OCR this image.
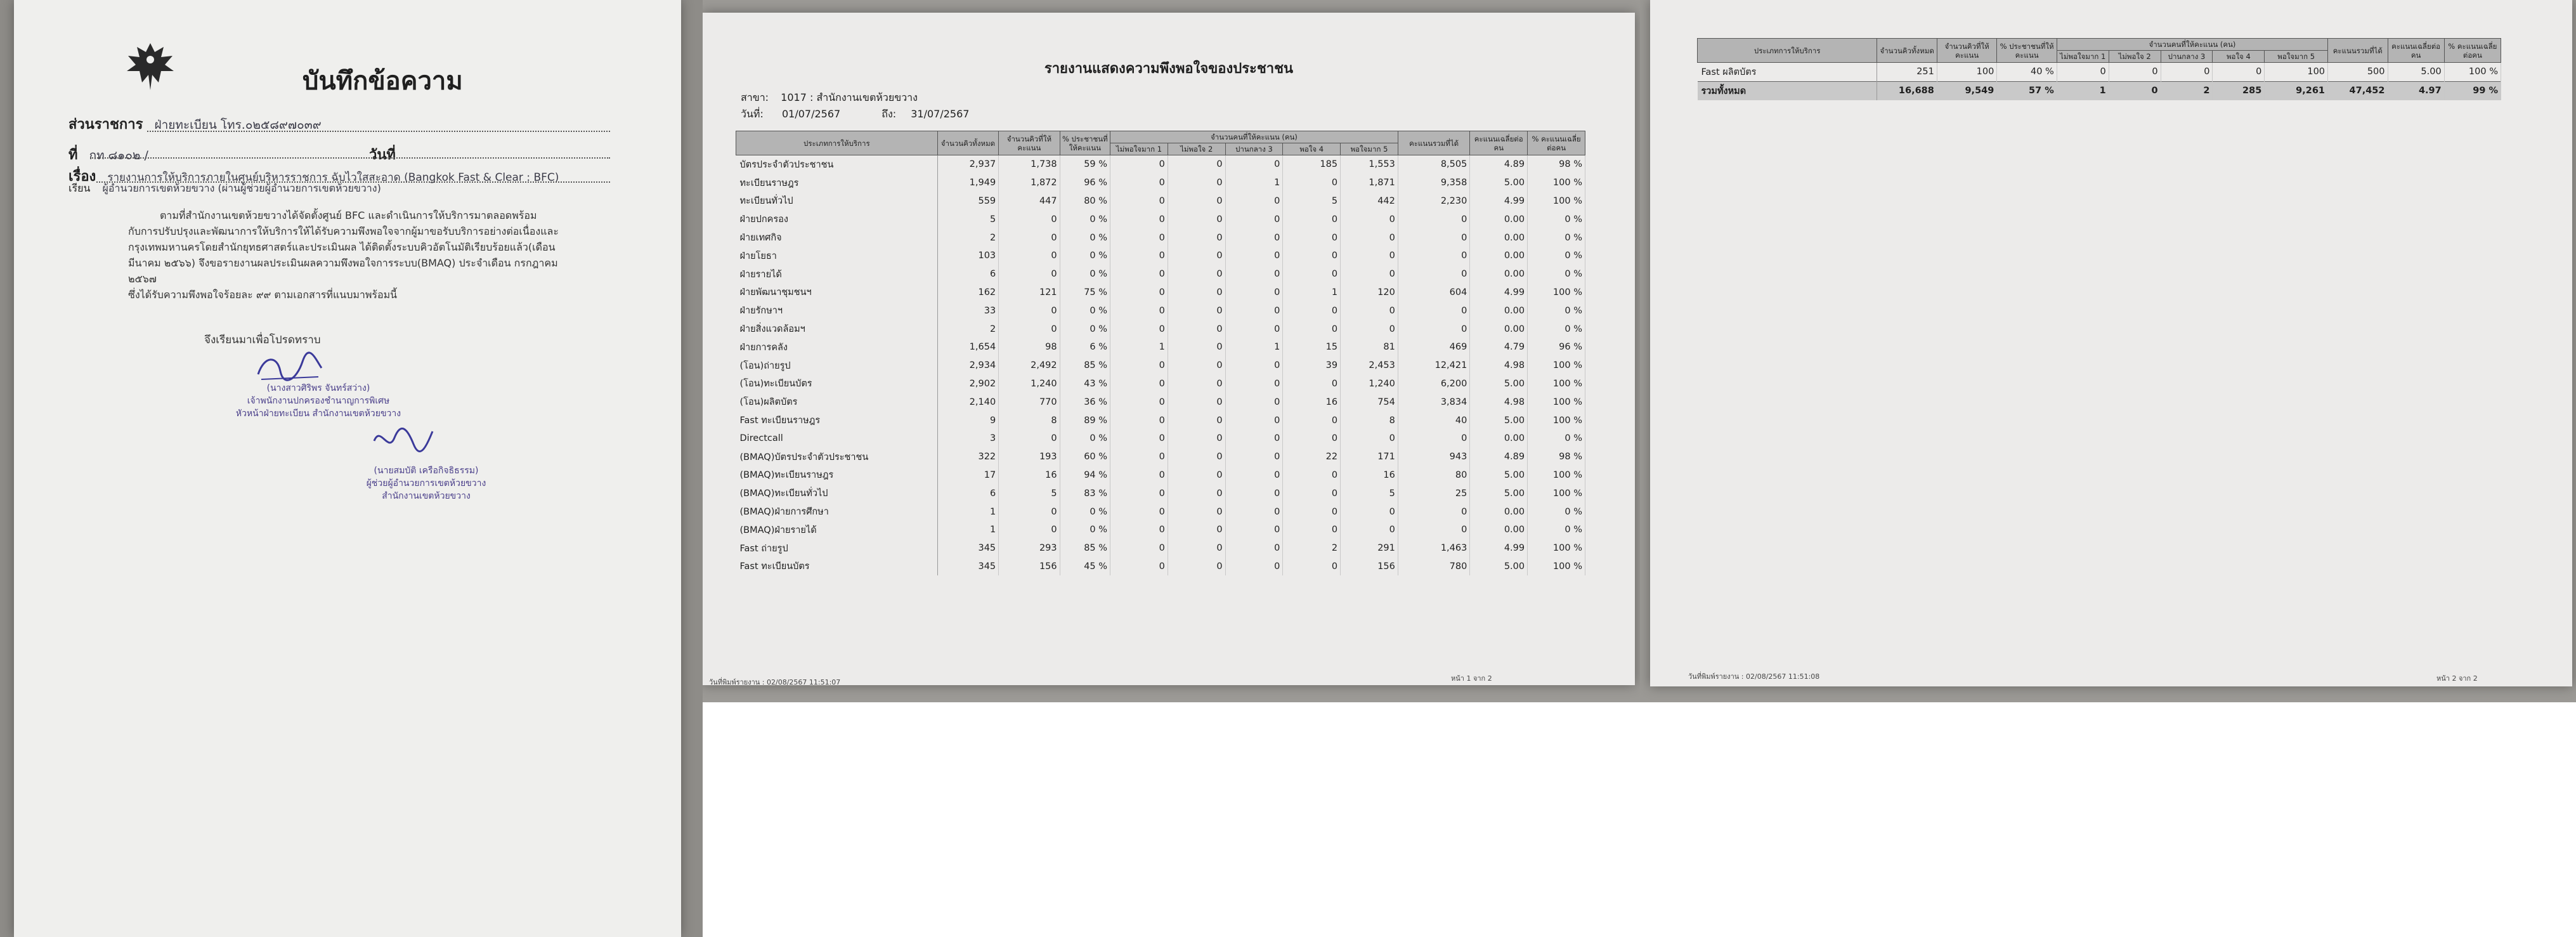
บันทึกข้อความ
ส่วนราชการ ฝ่ายทะเบียน โทร.๐๒๕๘๙๗๐๓๙
ที่ กท ๘๑๐๒ /	วันที่
เรื่อง รายงานการให้บริการภายในศูนย์บริหารราชการ ฉับไวใสสะอาด (Bangkok Fast & Clear : BFC)
เรียน ผู้อำนวยการเขตห้วยขวาง (ผ่านผู้ช่วยผู้อำนวยการเขตห้วยขวาง)

ตามที่สำนักงานเขตห้วยขวางได้จัดตั้งศูนย์ BFC และดำเนินการให้บริการมาตลอดพร้อม

กับการปรับปรุงและพัฒนาการให้บริการให้ได้รับความพึงพอใจจากผู้มาขอรับบริการอย่างต่อเนื่องและ

กรุงเทพมหานครโดยสำนักยุทธศาสตร์และประเมินผล ได้ติดตั้งระบบคิวอัตโนมัติเรียบร้อยแล้ว(เดือน

มีนาคม ๒๕๖๖) จึงขอรายงานผลประเมินผลความพึงพอใจการระบบ(BMAQ) ประจำเดือน กรกฎาคม ๒๕๖๗

ซึ่งได้รับความพึงพอใจร้อยละ ๙๙ ตามเอกสารที่แนบมาพร้อมนี้

จึงเรียนมาเพื่อโปรดทราบ
(นางสาวศิริพร จันทร์สว่าง)
เจ้าพนักงานปกครองชำนาญการพิเศษ
หัวหน้าฝ่ายทะเบียน สำนักงานเขตห้วยขวาง
(นายสมบัติ เครือกิจธิธรรม)
ผู้ช่วยผู้อำนวยการเขตห้วยขวาง
สำนักงานเขตห้วยขวาง
รายงานแสดงความพึงพอใจของประชาชน
สาขา: 1017 : สำนักงานเขตห้วยขวาง
วันที่: 01/07/2567	ถึง: 31/07/2567
ประเภทการให้บริการ	จำนวนคิวทั้งหมด	จำนวนคิวที่ให้คะแนน	% ประชาชนที่ให้คะแนน	จำนวนคนที่ให้คะแนน (คน)					คะแนนรวมที่ได้	คะแนนเฉลี่ยต่อคน	% คะแนนเฉลี่ยต่อคน
				ไม่พอใจมาก 1	ไม่พอใจ 2	ปานกลาง 3	พอใจ 4	พอใจมาก 5			
บัตรประจำตัวประชาชน	2,937	1,738	59 %	0	0	0	185	1,553	8,505	4.89	98 %
ทะเบียนราษฎร	1,949	1,872	96 %	0	0	1	0	1,871	9,358	5.00	100 %
ทะเบียนทั่วไป	559	447	80 %	0	0	0	5	442	2,230	4.99	100 %
ฝ่ายปกครอง	5	0	0 %	0	0	0	0	0	0	0.00	0 %
ฝ่ายเทศกิจ	2	0	0 %	0	0	0	0	0	0	0.00	0 %
ฝ่ายโยธา	103	0	0 %	0	0	0	0	0	0	0.00	0 %
ฝ่ายรายได้	6	0	0 %	0	0	0	0	0	0	0.00	0 %
ฝ่ายพัฒนาชุมชนฯ	162	121	75 %	0	0	0	1	120	604	4.99	100 %
ฝ่ายรักษาฯ	33	0	0 %	0	0	0	0	0	0	0.00	0 %
ฝ่ายสิ่งแวดล้อมฯ	2	0	0 %	0	0	0	0	0	0	0.00	0 %
ฝ่ายการคลัง	1,654	98	6 %	1	0	1	15	81	469	4.79	96 %
(โอน)ถ่ายรูป	2,934	2,492	85 %	0	0	0	39	2,453	12,421	4.98	100 %
(โอน)ทะเบียนบัตร	2,902	1,240	43 %	0	0	0	0	1,240	6,200	5.00	100 %
(โอน)ผลิตบัตร	2,140	770	36 %	0	0	0	16	754	3,834	4.98	100 %
Fast ทะเบียนราษฎร	9	8	89 %	0	0	0	0	8	40	5.00	100 %
Directcall	3	0	0 %	0	0	0	0	0	0	0.00	0 %
(BMAQ)บัตรประจำตัวประชาชน	322	193	60 %	0	0	0	22	171	943	4.89	98 %
(BMAQ)ทะเบียนราษฎร	17	16	94 %	0	0	0	0	16	80	5.00	100 %
(BMAQ)ทะเบียนทั่วไป	6	5	83 %	0	0	0	0	5	25	5.00	100 %
(BMAQ)ฝ่ายการศึกษา	1	0	0 %	0	0	0	0	0	0	0.00	0 %
(BMAQ)ฝ่ายรายได้	1	0	0 %	0	0	0	0	0	0	0.00	0 %
Fast ถ่ายรูป	345	293	85 %	0	0	0	2	291	1,463	4.99	100 %
Fast ทะเบียนบัตร	345	156	45 %	0	0	0	0	156	780	5.00	100 %
วันที่พิมพ์รายงาน : 02/08/2567 11:51:07	หน้า 1 จาก 2
ประเภทการให้บริการ	จำนวนคิวทั้งหมด	จำนวนคิวที่ให้คะแนน	% ประชาชนที่ให้คะแนน	จำนวนคนที่ให้คะแนน (คน)					คะแนนรวมที่ได้	คะแนนเฉลี่ยต่อคน	% คะแนนเฉลี่ยต่อคน
				ไม่พอใจมาก 1	ไม่พอใจ 2	ปานกลาง 3	พอใจ 4	พอใจมาก 5			
Fast ผลิตบัตร	251	100	40 %	0	0	0	0	100	500	5.00	100 %
รวมทั้งหมด	16,688	9,549	57 %	1	0	2	285	9,261	47,452	4.97	99 %
วันที่พิมพ์รายงาน : 02/08/2567 11:51:08	หน้า 2 จาก 2
